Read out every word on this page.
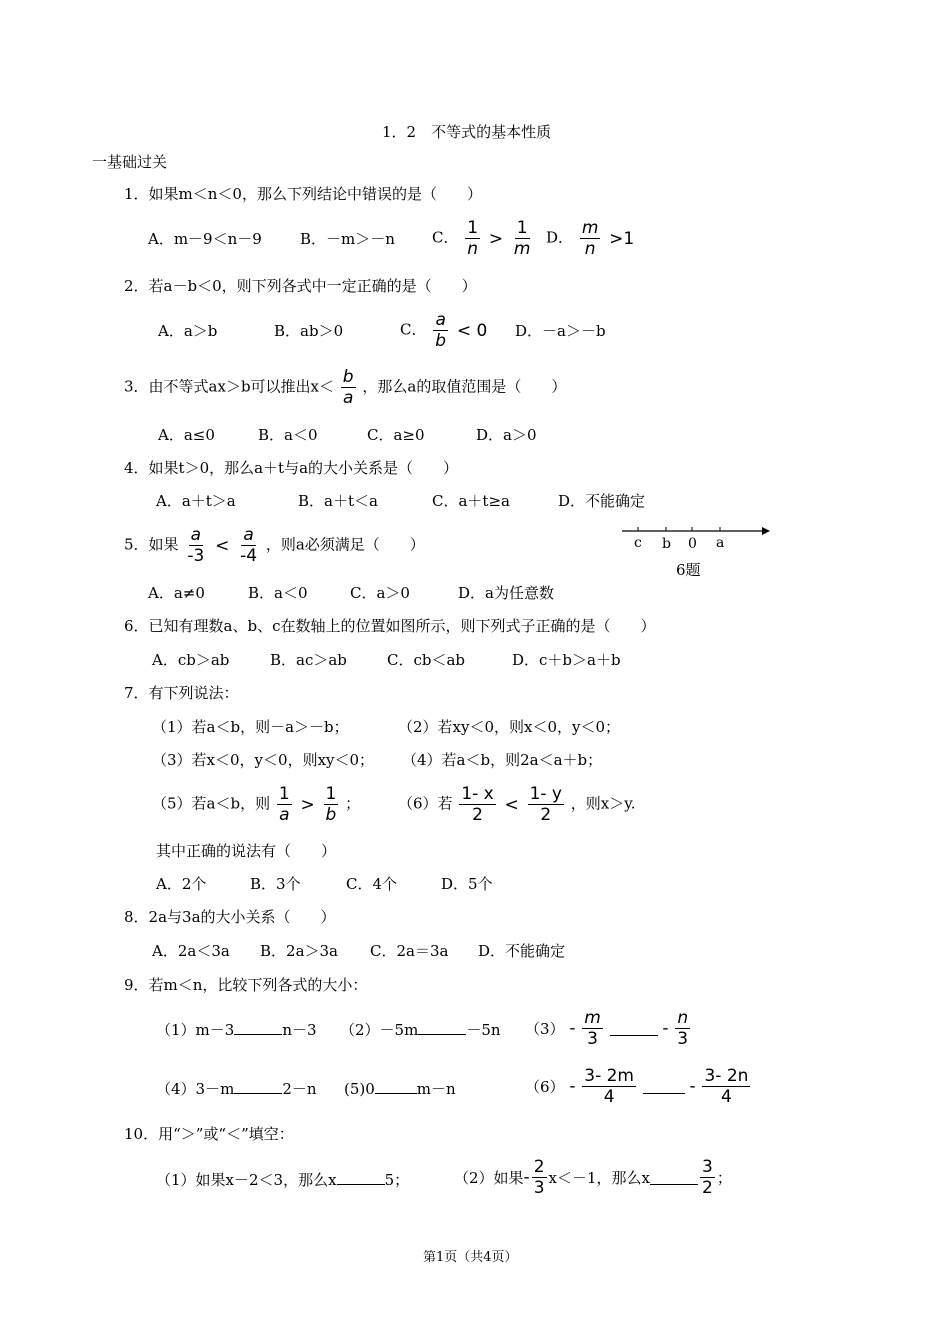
1．2　不等式的基本性质
一基础过关
1．如果m＜n＜0，那么下列结论中错误的是（　　）
A．m－9＜n－9	B．－m＞－n C． $\frac{1}{n} > \frac{1}{m}$ D． $\frac{m}{n} >1$
2．若a－b＜0，则下列各式中一定正确的是（　　）
A．a＞b	B．ab＞0	C． $\frac{a}{b} < 0$ D．－a＞－b
3．由不等式ax＞b可以推出$x< \frac{b}{a}$ ，那么a的取值范围是（　　）
A．a≤0	B．a＜0	C．a≥0	D．a＞0
4．如果t＞0，那么a＋t与a的大小关系是（　　）
A．a＋t＞a	B．a＋t＜a	C．a＋t≥a	D．不能确定
5．如果 $\frac{a}{-3} < \frac{a}{-4}$ ，则a必须满足（　　）
A．a≠0	B．a＜0	C．a＞0	D．a为任意数
c b 0 a
6题
6．已知有理数a、b、c在数轴上的位置如图所示，则下列式子正确的是（　　）
A．cb＞ab	B．ac＞ab	C．cb＜ab	D．c＋b＞a＋b
7．有下列说法：
（1）若a＜b，则－a＞－b；	（2）若xy＜0，则x＜0，y＜0；
（3）若x＜0，y＜0，则xy＜0； （4）若a＜b，则2a＜a＋b；
（5）若a＜b，则 $\frac{1}{a} > \frac{1}{b}$ ；	（6）若 $\frac{1- x}{2} < \frac{1- y}{2}$ ，则x＞y.
其中正确的说法有（　　）
A．2个	B．3个	C．4个	D．5个
8．2a与3a的大小关系（　　）
A．2a＜3a B．2a＞3a C．2a＝3a D．不能确定
9．若m＜n，比较下列各式的大小：
（1）m－3	n－3 （2）－5m	－5n $(3) - \frac{m}{3}$	- $\frac{n}{3}$
（4）3－m	2－n (5)0	m－n	$(6) - \frac{3- 2m}{4}$	- $\frac{3- 2n}{4}$
10．用“＞”或“＜”填空：
（1）如果x－2＜3，那么x	5；	（2）如果- $\frac{2}{3} x<-1$，那么x	$\frac{3}{2}$ ；
第1页（共4页）
